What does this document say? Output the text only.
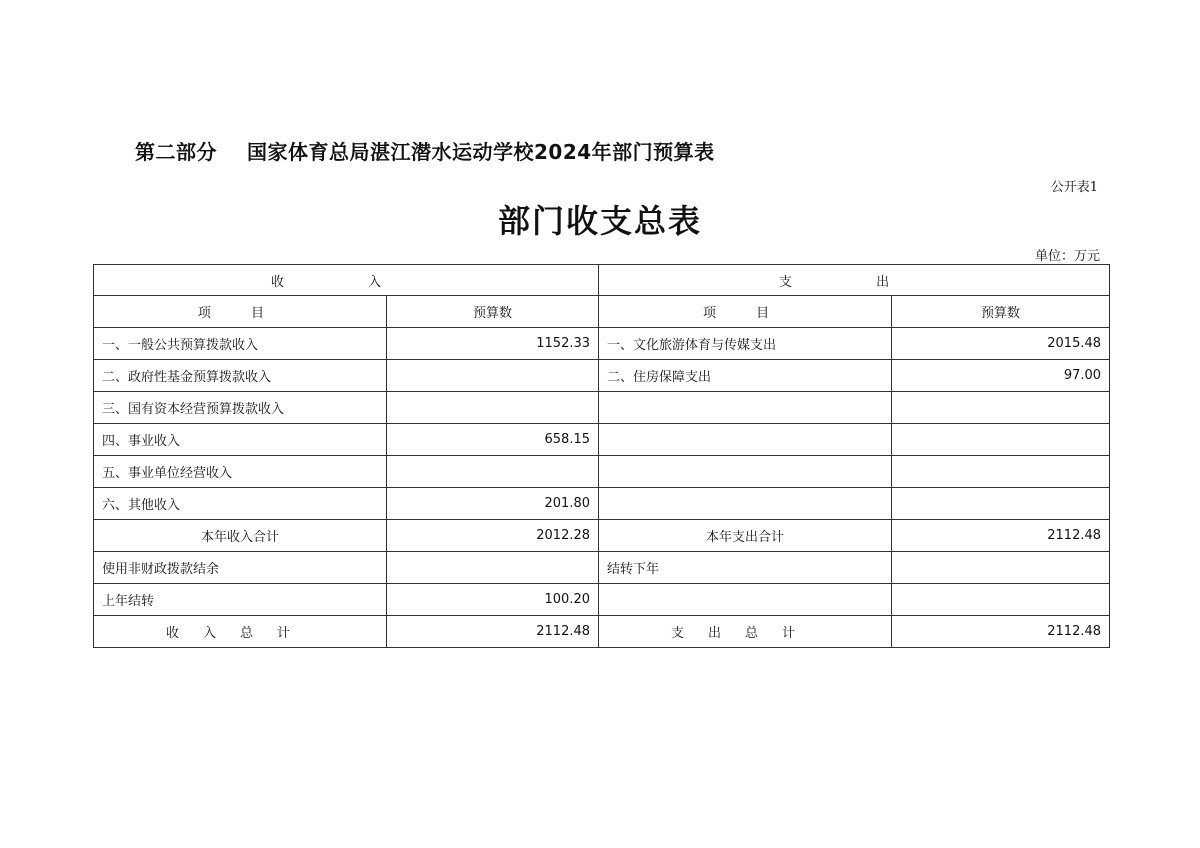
第二部分 国家体育总局湛江潜水运动学校2024年部门预算表
公开表1
部门收支总表
单位：万元
收 入		支 出	
项 目	预算数	项 目	预算数
一、一般公共预算拨款收入	1152.33	一、文化旅游体育与传媒支出	2015.48
二、政府性基金预算拨款收入		二、住房保障支出	97.00
三、国有资本经营预算拨款收入			
四、事业收入	658.15		
五、事业单位经营收入			
六、其他收入	201.80		
本年收入合计	2012.28	本年支出合计	2112.48
使用非财政拨款结余		结转下年	
上年结转	100.20		
收入总计	2112.48	支出总计	2112.48
